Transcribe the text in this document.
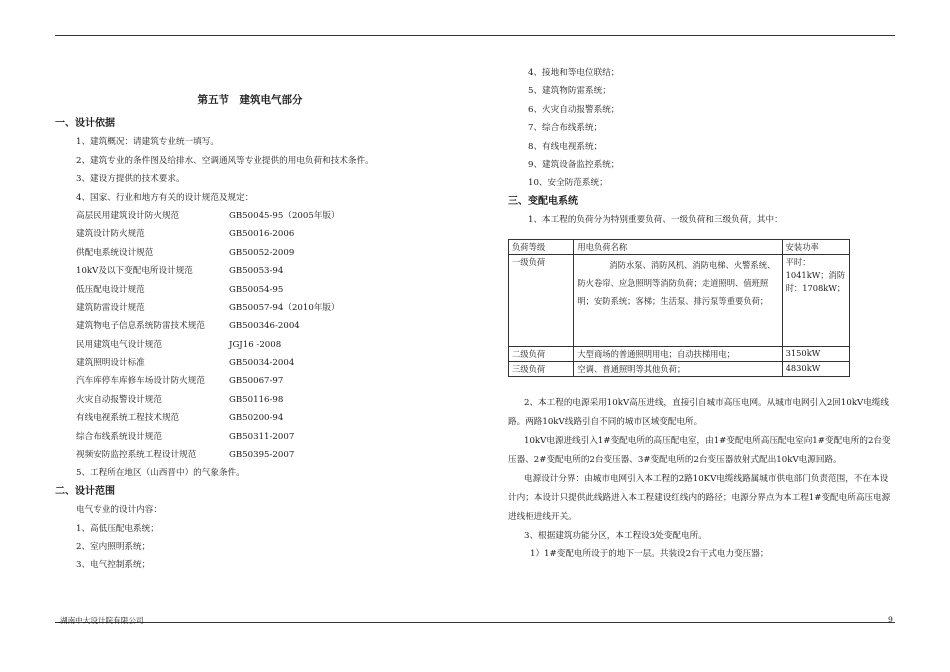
第五节　建筑电气部分
一、设计依据
1、建筑概况：请建筑专业统一填写。
2、建筑专业的条件图及给排水、空调通风等专业提供的用电负荷和技术条件。
3、建设方提供的技术要求。
4、国家、行业和地方有关的设计规范及规定：
高层民用建筑设计防火规范	GB50045-95（2005年版）
建筑设计防火规范	GB50016-2006
供配电系统设计规范	GB50052-2009
10kV及以下变配电所设计规范	GB50053-94
低压配电设计规范	GB50054-95
建筑防雷设计规范	GB50057-94（2010年版）
建筑物电子信息系统防雷技术规范	GB500346-2004
民用建筑电气设计规范	JGJ16 -2008
建筑照明设计标准	GB50034-2004
汽车库停车库修车场设计防火规范	GB50067-97
火灾自动报警设计规范	GB50116-98
有线电视系统工程技术规范	GB50200-94
综合布线系统设计规范	GB50311-2007
视频安防监控系统工程设计规范	GB50395-2007

5、工程所在地区（山西晋中）的气象条件。
二、设计范围
电气专业的设计内容：
1、高低压配电系统；
2、室内照明系统；
3、电气控制系统；
4、接地和等电位联结；
5、建筑物防雷系统；
6、火灾自动报警系统；
7、综合布线系统；
8、有线电视系统；
9、建筑设备监控系统；
10、安全防范系统；
三、变配电系统
1、本工程的负荷分为特别重要负荷、一级负荷和三级负荷，其中：
负荷等级	用电负荷名称	安装功率
一级负荷	消防水泵、消防风机、消防电梯、火警系统、防火卷帘、应急照明等消防负荷；走道照明、值班照明；安防系统；客梯；生活泵、排污泵等重要负荷；	平时：1041kW；消防时：1708kW；
二级负荷	大型商场的普通照明用电；自动扶梯用电；	3150kW
三级负荷	空调、普通照明等其他负荷；	4830kW
2、本工程的电源采用10kV高压进线，直接引自城市高压电网。从城市电网引入2回10kV电缆线路。两路10kV线路引自不同的城市区域变配电所。
10kV电源进线引入1#变配电所的高压配电室，由1#变配电所高压配电室向1#变配电所的2台变压器、2#变配电所的2台变压器、3#变配电所的2台变压器放射式配出10kV电源回路。
电源设计分界：由城市电网引入本工程的2路10KV电缆线路属城市供电部门负责范围，不在本设计内；本设计只提供此线路进入本工程建设红线内的路径；电源分界点为本工程1#变配电所高压电源进线柜进线开关。
3、根据建筑功能分区，本工程设3处变配电所。
1）1#变配电所设于的地下一层。共装设2台干式电力变压器；
湖南中大设计院有限公司	9
